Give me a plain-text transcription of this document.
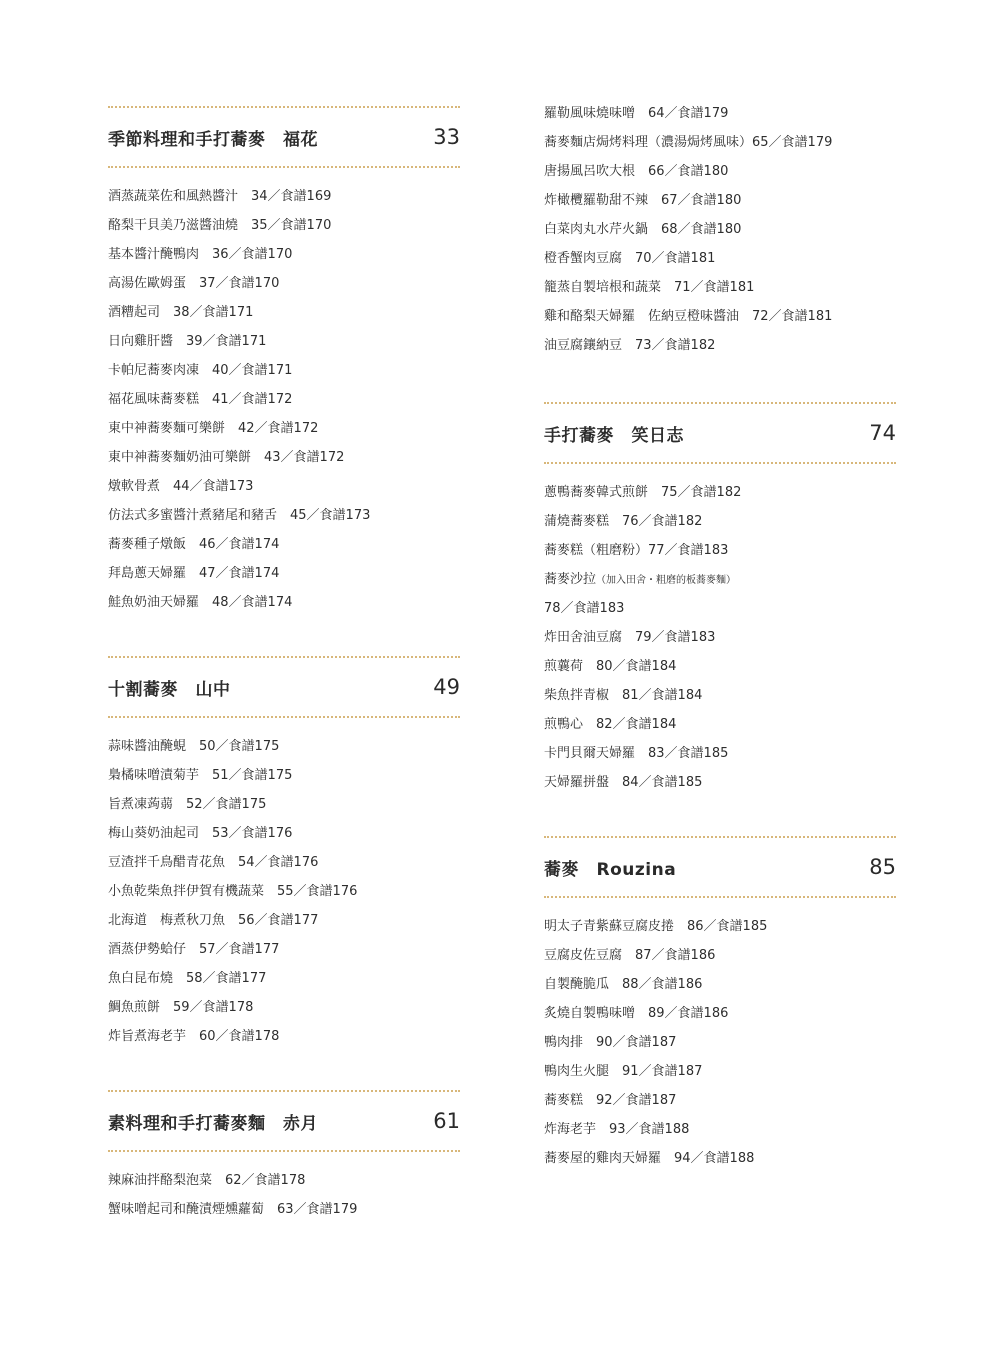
季節料理和手打蕎麥　福花	33
酒蒸蔬菜佐和風熱醬汁　34／食譜169
酪梨干貝美乃滋醬油燒　35／食譜170
基本醬汁醃鴨肉　36／食譜170
高湯佐歐姆蛋　37／食譜170
酒糟起司　38／食譜171
日向雞肝醬　39／食譜171
卡帕尼蕎麥肉凍　40／食譜171
福花風味蕎麥糕　41／食譜172
東中神蕎麥麵可樂餅　42／食譜172
東中神蕎麥麵奶油可樂餅　43／食譜172
燉軟骨煮　44／食譜173
仿法式多蜜醬汁煮豬尾和豬舌　45／食譜173
蕎麥種子燉飯　46／食譜174
拜島蔥天婦羅　47／食譜174
鮭魚奶油天婦羅　48／食譜174
十割蕎麥　山中	49
蒜味醬油醃蜆　50／食譜175
梟橘味噌漬菊芋　51／食譜175
旨煮凍蒟蒻　52／食譜175
梅山葵奶油起司　53／食譜176
豆渣拌千鳥醋青花魚　54／食譜176
小魚乾柴魚拌伊賀有機蔬菜　55／食譜176
北海道　梅煮秋刀魚　56／食譜177
酒蒸伊勢蛤仔　57／食譜177
魚白昆布燒　58／食譜177
鯛魚煎餅　59／食譜178
炸旨煮海老芋　60／食譜178
素料理和手打蕎麥麵　赤月	61
辣麻油拌酪梨泡菜　62／食譜178
蟹味噌起司和醃漬煙燻蘿蔔　63／食譜179
羅勒風味燒味噌　64／食譜179
蕎麥麵店焗烤料理（濃湯焗烤風味）65／食譜179
唐揚風呂吹大根　66／食譜180
炸橄欖羅勒甜不辣　67／食譜180
白菜肉丸水芹火鍋　68／食譜180
橙香蟹肉豆腐　70／食譜181
籠蒸自製培根和蔬菜　71／食譜181
雞和酪梨天婦羅　佐納豆橙味醬油　72／食譜181
油豆腐鑲納豆　73／食譜182
手打蕎麥　笑日志	74
蔥鴨蕎麥韓式煎餅　75／食譜182
蒲燒蕎麥糕　76／食譜182
蕎麥糕（粗磨粉）77／食譜183
蕎麥沙拉（加入田舍・粗磨的板蕎麥麵）
78／食譜183
炸田舍油豆腐　79／食譜183
煎蘘荷　80／食譜184
柴魚拌青椒　81／食譜184
煎鴨心　82／食譜184
卡門貝爾天婦羅　83／食譜185
天婦羅拼盤　84／食譜185
蕎麥　Rouzina	85
明太子青紫蘇豆腐皮捲　86／食譜185
豆腐皮佐豆腐　87／食譜186
自製醃脆瓜　88／食譜186
炙燒自製鴨味噌　89／食譜186
鴨肉排　90／食譜187
鴨肉生火腿　91／食譜187
蕎麥糕　92／食譜187
炸海老芋　93／食譜188
蕎麥屋的雞肉天婦羅　94／食譜188
